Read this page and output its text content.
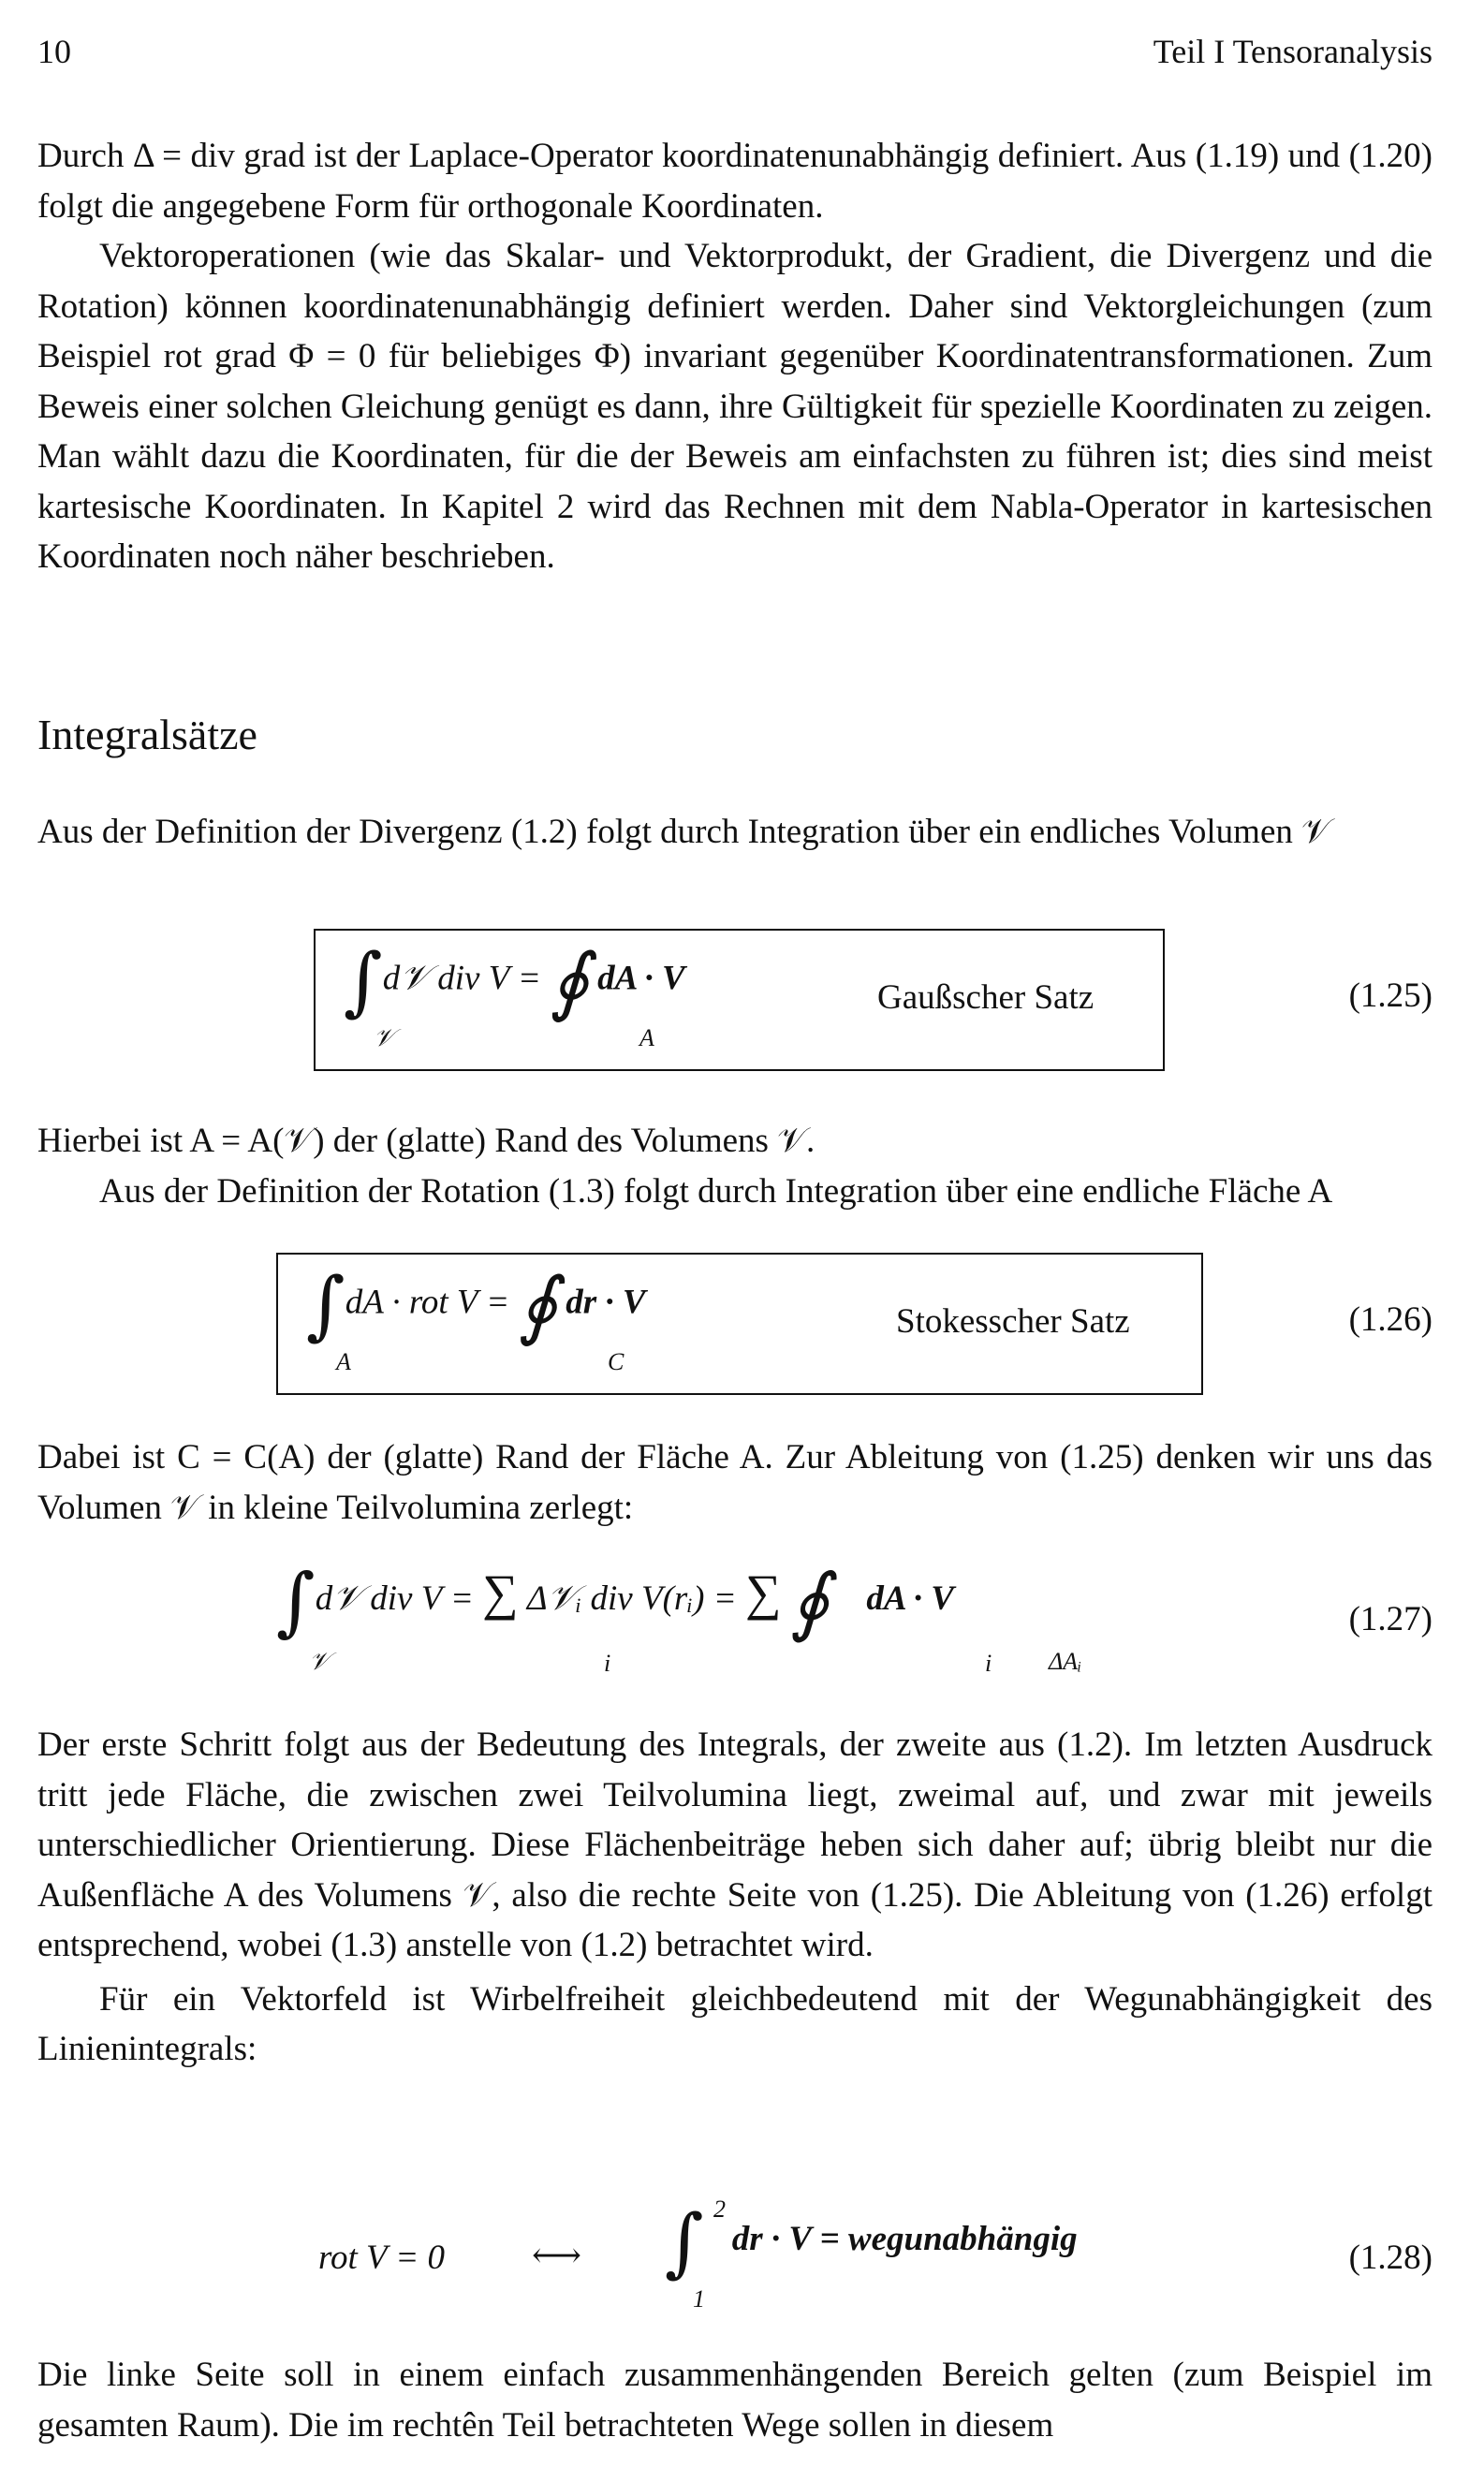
10	Teil I Tensoranalysis

Durch Δ = div grad ist der Laplace-Operator koordinatenunabhängig definiert. Aus (1.19) und (1.20) folgt die angegebene Form für orthogonale Koordinaten.

Vektoroperationen (wie das Skalar- und Vektorprodukt, der Gradient, die Divergenz und die Rotation) können koordinatenunabhängig definiert werden. Daher sind Vektorgleichungen (zum Beispiel rot grad Φ = 0 für beliebiges Φ) invariant gegenüber Koordinatentransformationen. Zum Beweis einer solchen Gleichung genügt es dann, ihre Gültigkeit für spezielle Koordinaten zu zeigen. Man wählt dazu die Koordinaten, für die der Beweis am einfachsten zu führen ist; dies sind meist kartesische Koordinaten. In Kapitel 2 wird das Rechnen mit dem Nabla-Operator in kartesischen Koordinaten noch näher beschrieben.

Integralsätze

Aus der Definition der Divergenz (1.2) folgt durch Integration über ein endliches Volumen 𝒱

∫d𝒱 div V = ∮ dA · V
𝒱	A
Gaußscher Satz	(1.25)

Hierbei ist A = A(𝒱) der (glatte) Rand des Volumens 𝒱.

Aus der Definition der Rotation (1.3) folgt durch Integration über eine endliche Fläche A

∫dA · rot V = ∮ dr · V
A	C
Stokesscher Satz	(1.26)

Dabei ist C = C(A) der (glatte) Rand der Fläche A. Zur Ableitung von (1.25) denken wir uns das Volumen 𝒱 in kleine Teilvolumina zerlegt:

∫d𝒱 div V = ∑ Δ𝒱ᵢ div V(rᵢ) = ∑ ∮ dA · V
𝒱	i	i ΔAᵢ
(1.27)

Der erste Schritt folgt aus der Bedeutung des Integrals, der zweite aus (1.2). Im letzten Ausdruck tritt jede Fläche, die zwischen zwei Teilvolumina liegt, zweimal auf, und zwar mit jeweils unterschiedlicher Orientierung. Diese Flächenbeiträge heben sich daher auf; übrig bleibt nur die Außenfläche A des Volumens 𝒱, also die rechte Seite von (1.25). Die Ableitung von (1.26) erfolgt entsprechend, wobei (1.3) anstelle von (1.2) betrachtet wird.

Für ein Vektorfeld ist Wirbelfreiheit gleichbedeutend mit der Wegunabhängigkeit des Linienintegrals:

rot V = 0	⟷ ∫ dr · V = wegunabhängig
2
1
(1.28)

Die linke Seite soll in einem einfach zusammenhängenden Bereich gelten (zum Beispiel im gesamten Raum). Die im rechtên Teil betrachteten Wege sollen in diesem
